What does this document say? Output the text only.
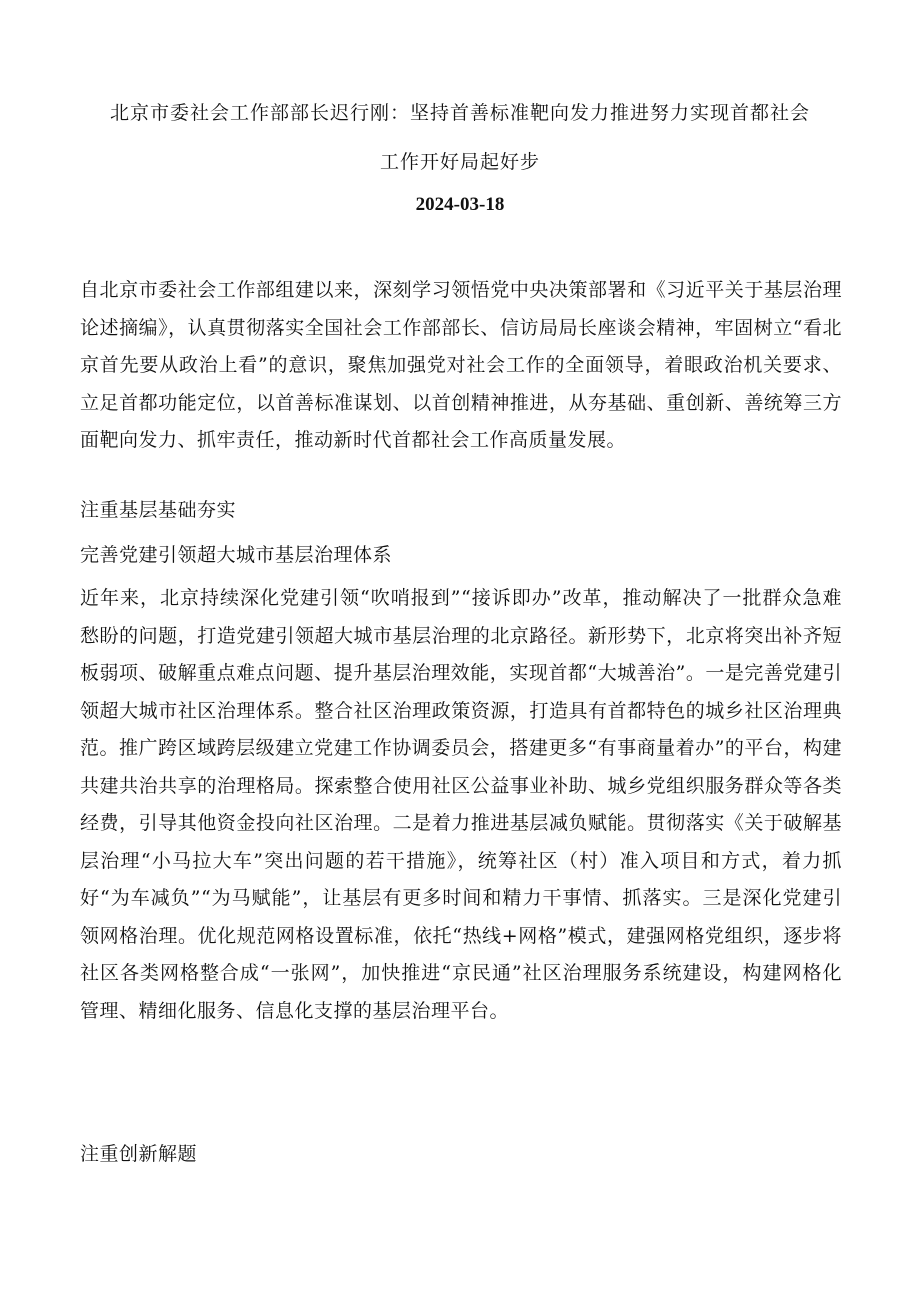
北京市委社会工作部部长迟行刚：坚持首善标准靶向发力推进努力实现首都社会
工作开好局起好步
2024-03-18
自北京市委社会工作部组建以来，深刻学习领悟党中央决策部署和《习近平关于基层治理论述摘编》，认真贯彻落实全国社会工作部部长、信访局局长座谈会精神，牢固树立“看北京首先要从政治上看”的意识，聚焦加强党对社会工作的全面领导，着眼政治机关要求、立足首都功能定位，以首善标准谋划、以首创精神推进，从夯基础、重创新、善统筹三方面靶向发力、抓牢责任，推动新时代首都社会工作高质量发展。
注重基层基础夯实
完善党建引领超大城市基层治理体系
近年来，北京持续深化党建引领“吹哨报到”“接诉即办”改革，推动解决了一批群众急难愁盼的问题，打造党建引领超大城市基层治理的北京路径。新形势下，北京将突出补齐短板弱项、破解重点难点问题、提升基层治理效能，实现首都“大城善治”。一是完善党建引领超大城市社区治理体系。整合社区治理政策资源，打造具有首都特色的城乡社区治理典范。推广跨区域跨层级建立党建工作协调委员会，搭建更多“有事商量着办”的平台，构建共建共治共享的治理格局。探索整合使用社区公益事业补助、城乡党组织服务群众等各类经费，引导其他资金投向社区治理。二是着力推进基层减负赋能。贯彻落实《关于破解基层治理“小马拉大车”突出问题的若干措施》，统筹社区（村）准入项目和方式，着力抓好“为车减负”“为马赋能”，让基层有更多时间和精力干事情、抓落实。三是深化党建引领网格治理。优化规范网格设置标准，依托“热线+网格”模式，建强网格党组织，逐步将社区各类网格整合成“一张网”，加快推进“京民通”社区治理服务系统建设，构建网格化管理、精细化服务、信息化支撑的基层治理平台。
注重创新解题
